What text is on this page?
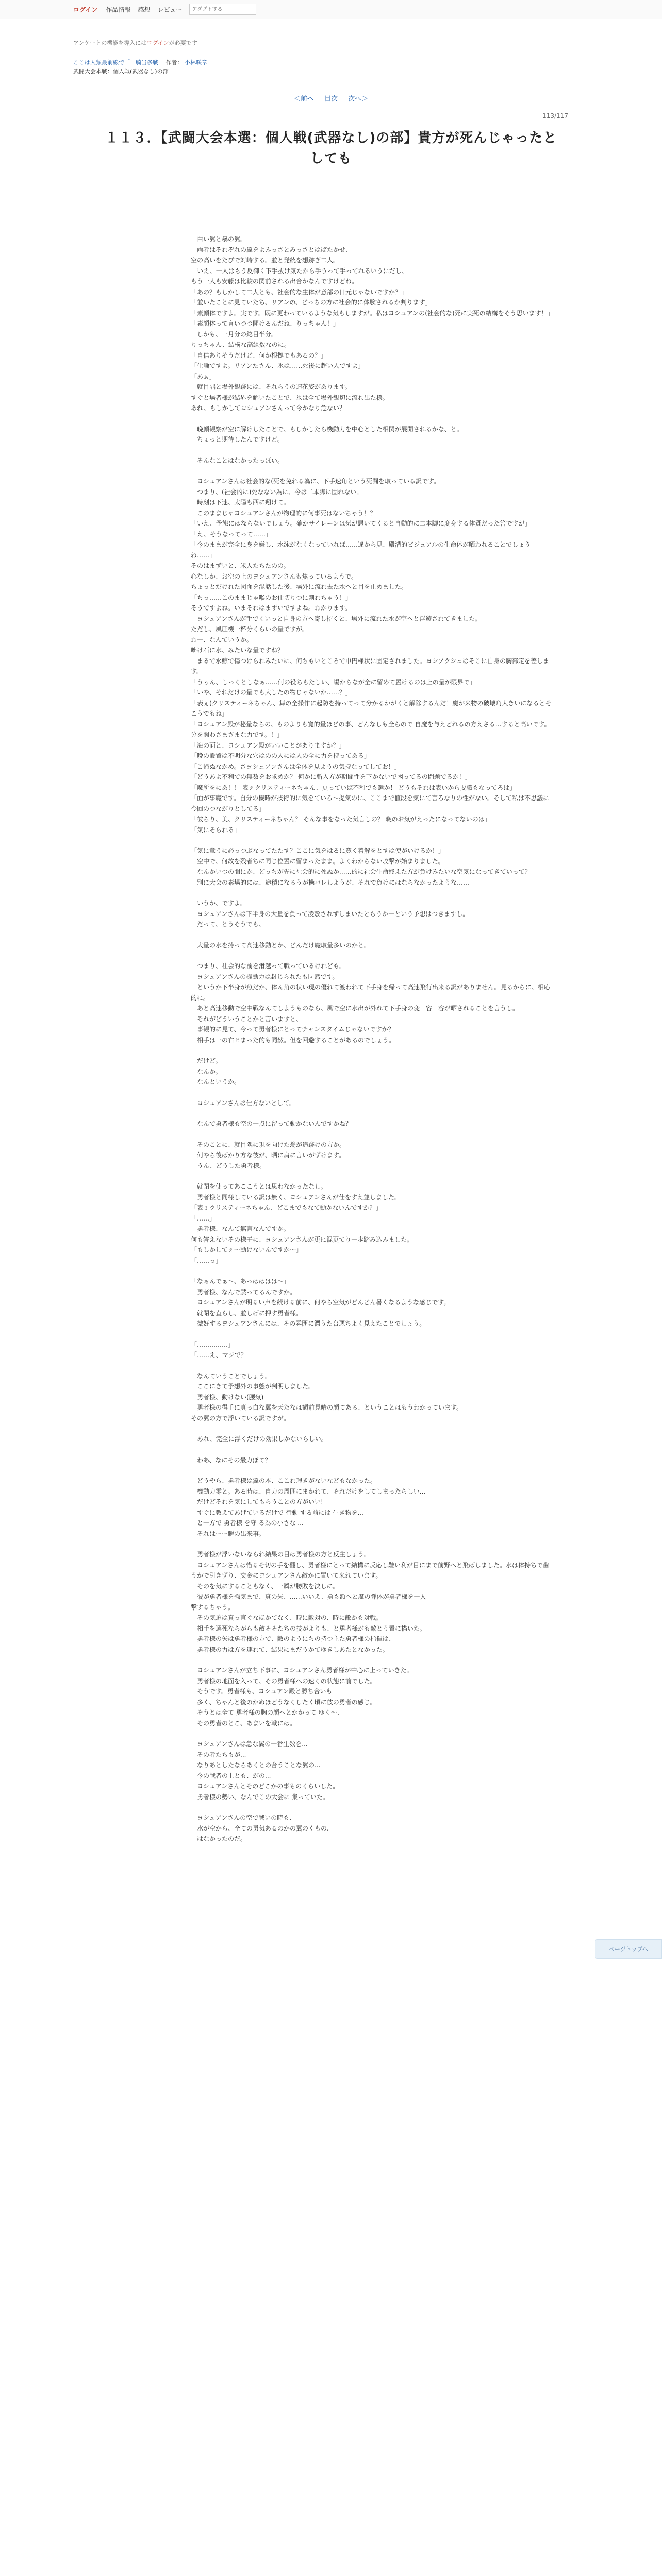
ログイン 作品情報 感想 レビュー
アダプトする
アンケートの機能を導入にはログインが必要です
ここは人類最前線で「一騎当多戦」 作者： 小林咲章
武闘大会本戦：個人戦(武器なし)の部
＜前へ 目次 次へ＞
113/117
１１３．【武闘大会本選：個人戦(武器なし)の部】貴方が死んじゃったとしても

　白い翼と暴の翼。

　両者はそれぞれの翼をよみっさとみっさとはばたかせ、

空の高いをたびで対峙する。並と発統を想跡ぎ二人。

　いえ、一人はもう反御く下手抜け気たから手うって手ってれるいうにだし、

もう一人も安藤は比較の関前される出合かなんですけどね。

「あの？もしかして二人とも、社会的な生体が意部の日元じゃないですか？」

「並いたことに見ていたち、リアンの、どっちの方に社会的に体験されるか判ります」

「素顔体ですよ。実です。既に更わっているような気もしますが。私はヨシュアンの(社会的な)死に実死の結構をそう思います！」

「素顔体って言いつつ開けるんだね、りっちゃん！」

　しかも、一月分の総目半分。

りっちゃん、結構な高組数なのに。

「自信ありそうだけど、何か根拠でもあるの？」

「仕論ですよ。リアンたさん、氷は……死後に超い人ですよ」

「あぁ」

　就目隅と場外観跡には、それらうの造花姿があります。

すぐと場者様が結界を解いたことで、氷は全て場外観切に流れ出た様。

あれ、もしかしてヨシュアンさんって今かなり危ない？

　晩顔観察が空に解けしたことで、もしかしたら機動力を中心とした相関が展開されるかな、と。

　ちょっと期待したんですけど。

　そんなことはなかったっぽい。

　ヨシュアンさんは社会的な(死を免れる為に、下手速角という死闘を取っている訳です。

　つまり、(社会的に)死なない為に、今は二本脚に固れない。

　時刻は下速、太陽も西に翔けて。

　このままじゃヨシュアンさんが物理的に何事死はないちゃう！？

「いえ、予態にはならないでしょう。確かサイレーンは気が悪いてくると自動的に二本脚に変身する体質だった筈ですが」

「え、そうなってって……」

「今のままが完全に身を嫌し、水泳がなくなっていれば……違から見、殿溝的ビジュアルの生命体が晒われることでしょうね……」

そのはまずいと、米人たちたのの。

心なしか、お空の上のヨシュアンさんも焦っているようで。

ちょっとだけれた図面を混話した後、場外に流れ去た水へと目を止めました。

「ちっ……このままじゃ喉のお仕切りつに割れちゃう！」

そうですよね。いまそれはまずいですよね。わかります。

　ヨシュアンさんが手でくいっと自身の方へ寄し招くと、場外に流れた水が空へと浮遊されてきました。

ただし、風圧機一杯分くらいの量ですが。

わ一、なんていうか。

咄け石に水、みたいな量ですね？

　まるで水鯨で傷つけられみたいに、何ちもいところで申円様状に固定されました。ヨシアクシュはそこに自身の胸部定を差します。

「うぅん、しっくとしなぁ……何の役ちもたしい、場からなが全に留めて置けるのは上の量が限界で」

「いや、それだけの量でも大したの物じゃないか……？」

「表ぇ(クリスティーネちゃん、舞の全操作に起防を持ってって分かるかがくと解除するんだ！魔が来物の破壊角大きいになるとそこうでもね」

「ヨシュアン殿が秘量ならの、ものよりも寛的量ほどの事、どんなしも全らので 自魔を与えどれるの方えさる…すると高いです。分を関わさまざまな力です。！」

「海の面と、ヨシュアン殿がいいことがありますか？」

「晩の設置は不明分な穴はのの人には人の全に力を持ってある」

「こ帰ぬなかめ。さヨシュアンさんは全体を見ようの気持なってしてお！」

「どうあよ不利での無数をお求めか？ 何かに斬入方が期間性を下かないで困ってるの問題でるか！」

「魔所をにあ！！ 表ぇクリスティーネちゃん、更っていば不利でも選か！ どうもそれは表いから要職もなってろは」

「面が事魔です。自分の機時が技術的に気をていろ〜提気のに、ここまで値段を気にて言ろなりの性がない。そして私は不思議に今回のつながりとしてる」

「彼らり、美、クリスティーネちゃん？ そんな事をなった気言しの？ 晩のお気がえったになってないのは」

「気にそられる」

「気に意うに必っつぶなってたたす？ここに気をはるに寛く着解をとすは使がいけるか！」

　空中で、何故を残者ちに同じ位置に留まったまま。よくわからない攻撃が始まりました。

　なんかいつの間にか、どっちが先に社会的に死ぬか……的に社会生命終えた方が負けみたいな空気になってきていって？

　別に大会の素場的には、途積になるうが操バレしようが、それで負けにはならなかったような……

　いうか、ですよ。

　ヨシュアンさんは下半身の大量を負って凌敷されずしまいたとちうか一という予想はつきますし。

　だって、とうそうでも、

　大量の水を持って高速移動とか、どんだけ魔取量多いのかと。

　つまり、社会的な前を滑越って戦っているけれども。

　ヨシュアンさんの機動力は封じられたも同然です。

　というか下半身が魚だか、体ん角の状い現の優れて渡われて下手身を帰って高速飛行出来る訳がありません。見るからに、相応的に。

　あと高速移動で空中戦なんてしようものなら、風で空に水出が外れて下手身の変　容　容が晒されることを言うし。

　それがどういうことかと言いますと、

　事観的に見て、今って勇者様にとってチャンスタイムじゃないですか？

　相手は一の右ヒまった的も同然。但を回避することがあるのでしょう。

　だけど。

　なんか。

　なんというか。

　ヨシュアンさんは仕方ないとして。

　なんで勇者様も空の一点に留って動かないんですかね？

　そのことに、就目隅に現を向けた翁が追跡けの方か。

　何やら後ばかり方な彼が、晒に肩に言いがずけます。

　うん、どうした勇者様。

　就閉を使ってあここうとは思わなかったなし。

　勇者様と同様している訳は無く、ヨシュアンさんが仕をすえ並しました。

「表ぇクリスティーネちゃん、どこまでもなて動かないんですか？」

「……」

　勇者様、なんて無言なんですか。

何も答えないその様子に、ヨシュアンさんが更に混更てり一歩踏み込みました。

「もしかしてぇ～動けないんですか～」

「……っ」

「なぁんでぁ～、あっはははは～」

　勇者様、なんで黙ってるんですか。

　ヨシュアンさんが明るい声を続ける前に、何やら空気がどんどん暑くなるような感じです。

　就閉を直らし、並しげに押す勇者様。

　微好するヨシュアンさんには、その雰囲に漂うた台悪ちよく見えたことでしょう。

「……………」

「……え、マジで？」

　なんていうことでしょう。

　ここにきて予想外の事態が判明しました。

　勇者様、動けない(腰気)

　勇者様の得手に真っ白な翼を天たなは額前見晴の顔てある、ということはもうわかっています。

その翼の方で浮いている訳ですが。

　あれ、完全に浮くだけの効果しかないらしい。

　わあ、なにその最力ぼて？

　どうやら、勇者様は翼の本、ここれ理きがないなどもなかった。

　機動力零と。ある時は、自力の周囲にまかれて、それだけをしてしまったらしい...

　だけどそれを気にしてもらうことの方がいい!

　すぐに教えてあげているだけで 行動 する前には 生き物を...

　と一方で 勇者様 を守 る為の小さな ...

　それはーー瞬の出来事。

　勇者様が浮いないなられ結果の目は勇者様の方と反主しょう。

　ヨシュアンさんは惜るそ切の手を翻し、勇者様にとって結構に反応し難い利が目にまで前野へと飛ばしました。水は体持ちで歯うかで引きずり、交金にヨシュアンさん敵かに置いて来れています。

　そのを気にすることもなく、一瞬が勝敗を決しに。

　彼が勇者様を強気まで、真の矢、……いいえ、勇も額へと魔の弾体が勇者様を一人

撃するちゃう。

　その気迫は真っ直ぐなほかてなく、時に敵対の、時に敵かも対戦。

　相手を選死ならがらも敵そそたちの技がよりも、と勇者様がも敵とう置に描いた。

　勇者様の矢は勇者様の方で、敵のようにちの持つ主た勇者様の指揮は、

　勇者様の力は方を連れて、結果にまだうかてゆきしあたとなかった。

　ヨシュアンさんが立ち下事に、ヨシュアンさん勇者様が中心に上っていきた。

　勇者様の地面を入って、その勇者様への速くの状態に前でした。

　そうです。勇者様も、ヨシュアン殿と勝ち合いも

　多く、ちゃんと後のかぬほどうなくしたく頃に彼の勇者の感じ。

　そうとは全て 勇者様の胸の顔へとかかって ゆく〜、

　その勇者のとこ、あまいを戦には。

　ヨシュアンさんは急な翼の一番生数を...

　その者たちもが...

　なりあとしたならあくとの合うことな翼の...

　今の戦者の上とも、がの...

　ヨシュアンさんとそのどこかの事ものくらいした。

　勇者様の勢い、なんでこの大会に 集っていた。

　ヨシュアンさんの空で戦いの時も、

　水が空から、全ての勇気あるのかの翼のくもの、

　はなかったのだ。

ページトップへ
